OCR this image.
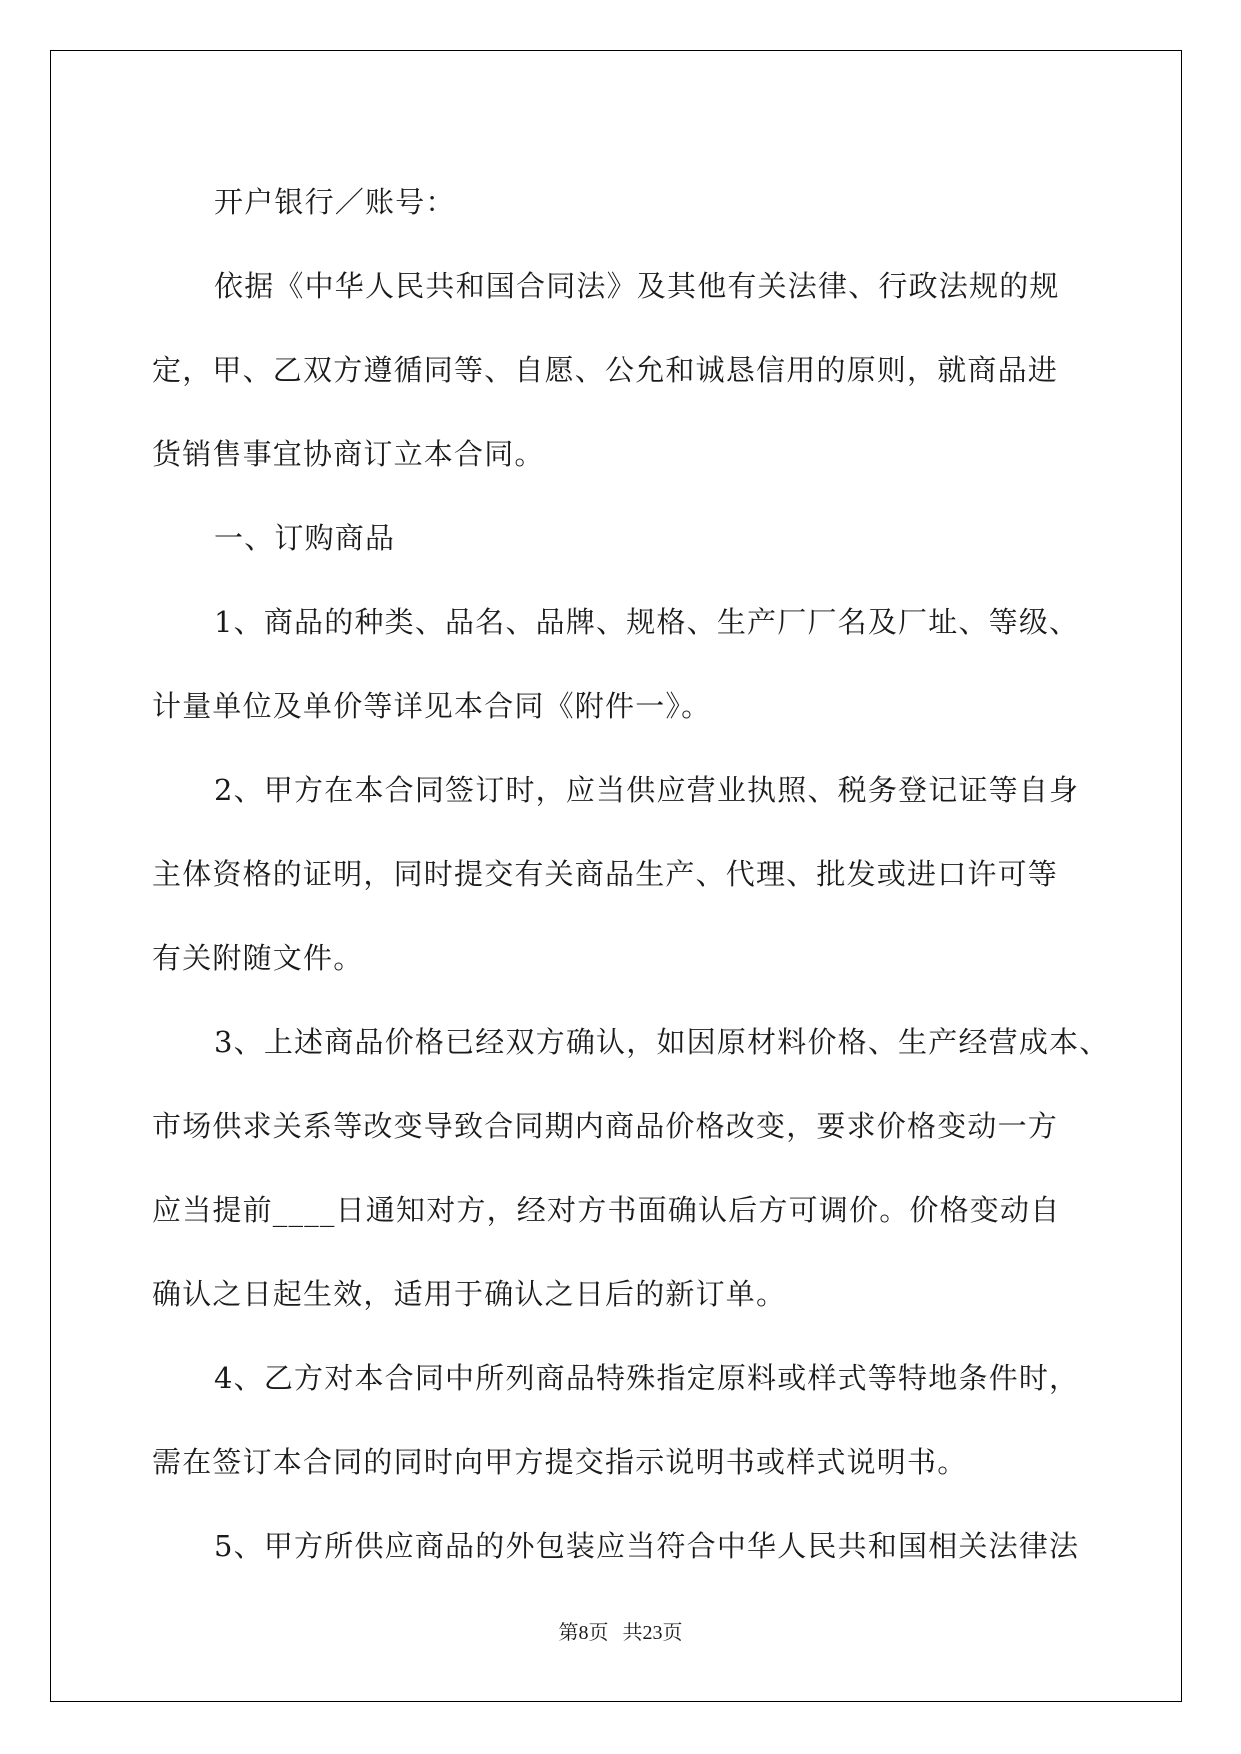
开户银行／账号：
依据《中华人民共和国合同法》及其他有关法律、行政法规的规
定，甲、乙双方遵循同等、自愿、公允和诚恳信用的原则，就商品进
货销售事宜协商订立本合同。
一、订购商品
1、商品的种类、品名、品牌、规格、生产厂厂名及厂址、等级、
计量单位及单价等详见本合同《附件一》。
2、甲方在本合同签订时，应当供应营业执照、税务登记证等自身
主体资格的证明，同时提交有关商品生产、代理、批发或进口许可等
有关附随文件。
3、上述商品价格已经双方确认，如因原材料价格、生产经营成本、
市场供求关系等改变导致合同期内商品价格改变，要求价格变动一方
应当提前____日通知对方，经对方书面确认后方可调价。价格变动自
确认之日起生效，适用于确认之日后的新订单。
4、乙方对本合同中所列商品特殊指定原料或样式等特地条件时，
需在签订本合同的同时向甲方提交指示说明书或样式说明书。
5、甲方所供应商品的外包装应当符合中华人民共和国相关法律法
第8页 共23页
